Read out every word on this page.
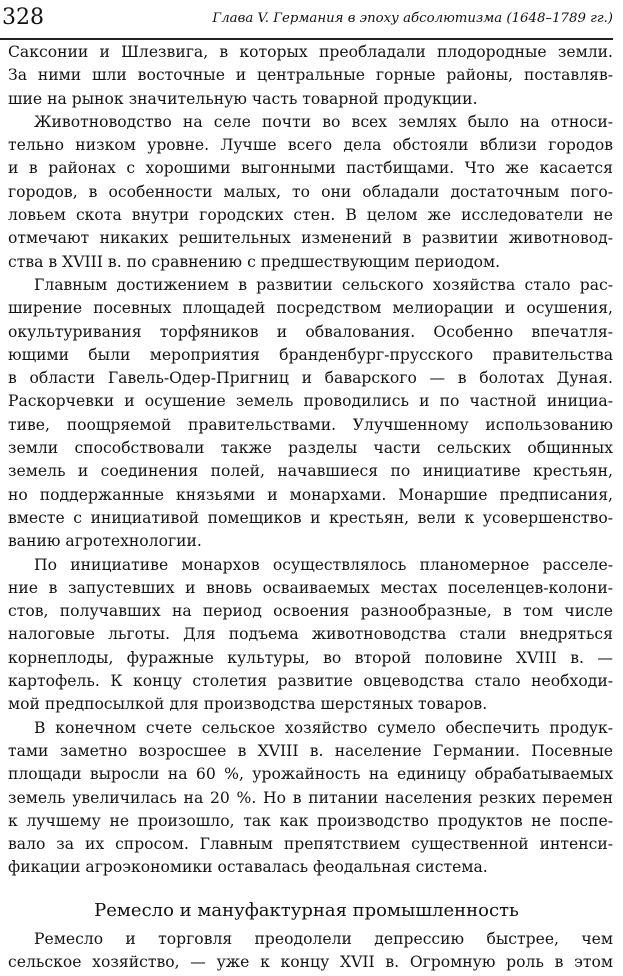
328	Глава V. Германия в эпоху абсолютизма (1648–1789 гг.)

Саксонии и Шлезвига, в которых преобладали плодородные земли.
За ними шли восточные и центральные горные районы, поставляв-
шие на рынок значительную часть товарной продукции.

Животноводство на селе почти во всех землях было на относи-
тельно низком уровне. Лучше всего дела обстояли вблизи городов
и в районах с хорошими выгонными пастбищами. Что же касается
городов, в особенности малых, то они обладали достаточным пого-
ловьем скота внутри городских стен. В целом же исследователи не
отмечают никаких решительных изменений в развитии животновод-
ства в XVIII в. по сравнению с предшествующим периодом.

Главным достижением в развитии сельского хозяйства стало рас-
ширение посевных площадей посредством мелиорации и осушения,
окультуривания торфяников и обвалования. Особенно впечатля-
ющими были мероприятия бранденбург-прусского правительства
в области Гавель-Одер-Пригниц и баварского — в болотах Дуная.
Раскорчевки и осушение земель проводились и по частной инициа-
тиве, поощряемой правительствами. Улучшенному использованию
земли способствовали также разделы части сельских общинных
земель и соединения полей, начавшиеся по инициативе крестьян,
но поддержанные князьями и монархами. Монаршие предписания,
вместе с инициативой помещиков и крестьян, вели к усовершенство-
ванию агротехнологии.

По инициативе монархов осуществлялось планомерное расселе-
ние в запустевших и вновь осваиваемых местах поселенцев-колони-
стов, получавших на период освоения разнообразные, в том числе
налоговые льготы. Для подъема животноводства стали внедряться
корнеплоды, фуражные культуры, во второй половине XVIII в. —
картофель. К концу столетия развитие овцеводства стало необходи-
мой предпосылкой для производства шерстяных товаров.

В конечном счете сельское хозяйство сумело обеспечить продук-
тами заметно возросшее в XVIII в. население Германии. Посевные
площади выросли на 60 %, урожайность на единицу обрабатываемых
земель увеличилась на 20 %. Но в питании населения резких перемен
к лучшему не произошло, так как производство продуктов не поспе-
вало за их спросом. Главным препятствием существенной интенси-
фикации агроэкономики оставалась феодальная система.

Ремесло и мануфактурная промышленность
Ремесло и торговля преодолели депрессию быстрее, чем
сельское хозяйство, — уже к концу XVII в. Огромную роль в этом
